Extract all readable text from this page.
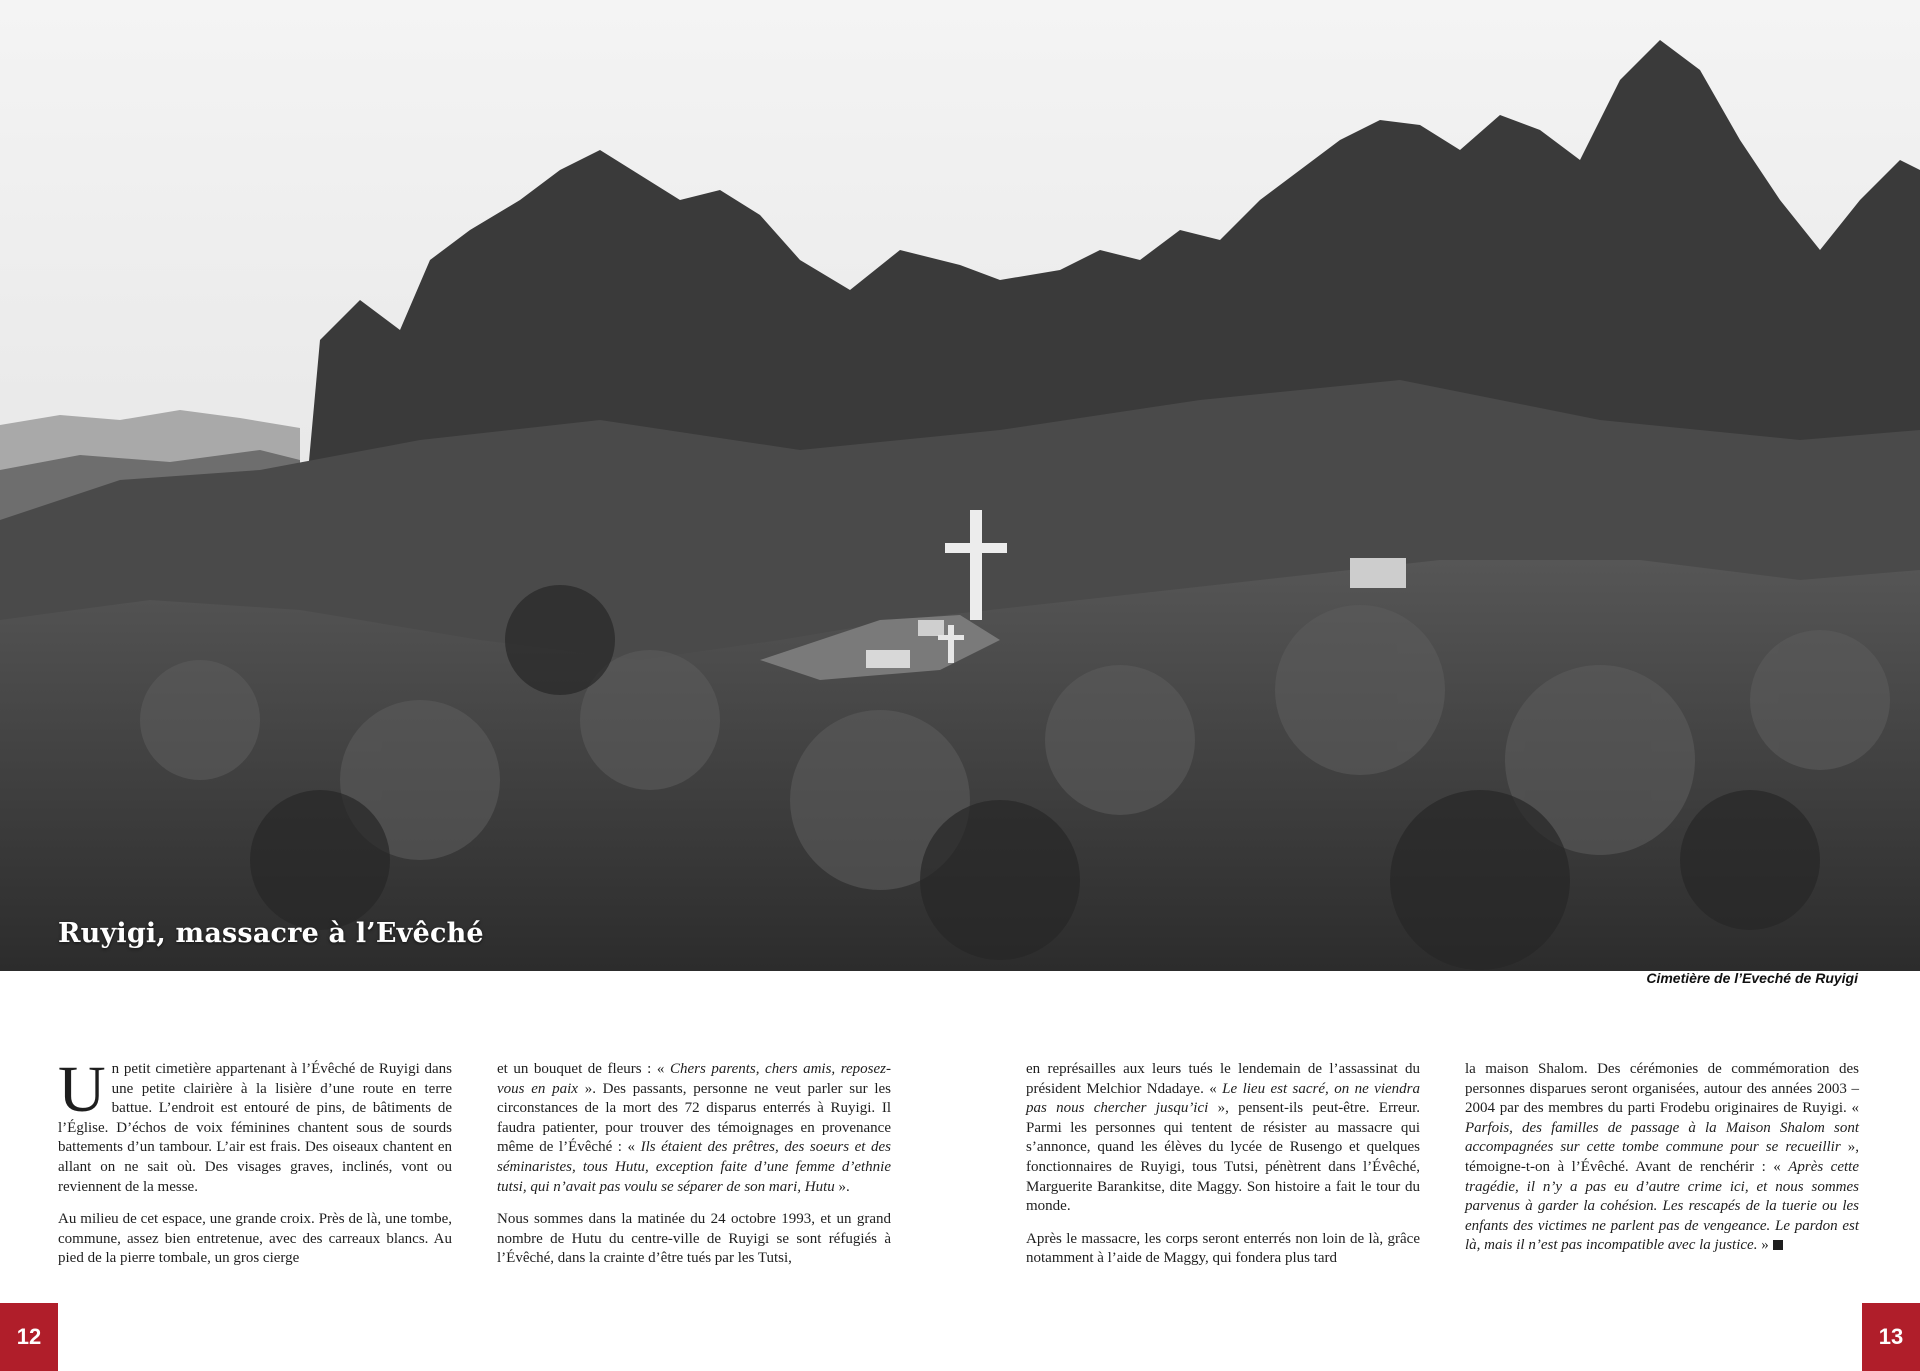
Ruyigi, massacre à l’Evêché
Cimetière de l’Eveché de Ruyigi

Un petit cimetière appartenant à l’Évêché de Ruyigi dans une petite clairière à la lisière d’une route en terre battue. L’endroit est entouré de pins, de bâtiments de l’Église. D’échos de voix féminines chantent sous de sourds battements d’un tambour. L’air est frais. Des oiseaux chantent en allant on ne sait où. Des visages graves, inclinés, vont ou reviennent de la messe.

Au milieu de cet espace, une grande croix. Près de là, une tombe, commune, assez bien entretenue, avec des carreaux blancs. Au pied de la pierre tombale, un gros cierge

et un bouquet de fleurs : « Chers parents, chers amis, reposez-vous en paix ». Des passants, personne ne veut parler sur les circonstances de la mort des 72 disparus enterrés à Ruyigi. Il faudra patienter, pour trouver des témoignages en provenance même de l’Évêché : « Ils étaient des prêtres, des soeurs et des séminaristes, tous Hutu, exception faite d’une femme d’ethnie tutsi, qui n’avait pas voulu se séparer de son mari, Hutu ».

Nous sommes dans la matinée du 24 octobre 1993, et un grand nombre de Hutu du centre-ville de Ruyigi se sont réfugiés à l’Évêché, dans la crainte d’être tués par les Tutsi,

en représailles aux leurs tués le lendemain de l’assassinat du président Melchior Ndadaye. « Le lieu est sacré, on ne viendra pas nous chercher jusqu’ici », pensent-ils peut-être. Erreur. Parmi les personnes qui tentent de résister au massacre qui s’annonce, quand les élèves du lycée de Rusengo et quelques fonctionnaires de Ruyigi, tous Tutsi, pénètrent dans l’Évêché, Marguerite Barankitse, dite Maggy. Son histoire a fait le tour du monde.

Après le massacre, les corps seront enterrés non loin de là, grâce notamment à l’aide de Maggy, qui fondera plus tard

la maison Shalom. Des cérémonies de commémoration des personnes disparues seront organisées, autour des années 2003 – 2004 par des membres du parti Frodebu originaires de Ruyigi. « Parfois, des familles de passage à la Maison Shalom sont accompagnées sur cette tombe commune pour se recueillir », témoigne-t-on à l’Évêché. Avant de renchérir : « Après cette tragédie, il n’y a pas eu d’autre crime ici, et nous sommes parvenus à garder la cohésion. Les rescapés de la tuerie ou les enfants des victimes ne parlent pas de vengeance. Le pardon est là, mais il n’est pas incompatible avec la justice. »

12	13
